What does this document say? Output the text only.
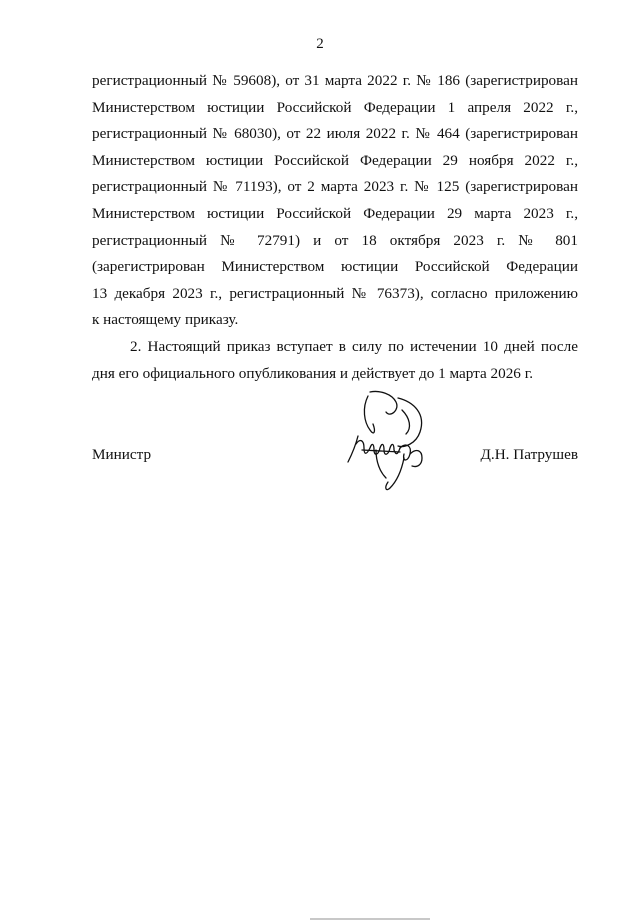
2

регистрационный № 59608), от 31 марта 2022 г. № 186 (зарегистрирован
Министерством юстиции Российской Федерации 1 апреля 2022 г.,
регистрационный № 68030), от 22 июля 2022 г. № 464 (зарегистрирован
Министерством юстиции Российской Федерации 29 ноября 2022 г.,
регистрационный № 71193), от 2 марта 2023 г. № 125 (зарегистрирован
Министерством юстиции Российской Федерации 29 марта 2023 г.,
регистрационный № 72791) и от 18 октября 2023 г. № 801
(зарегистрирован Министерством юстиции Российской Федерации
13 декабря 2023 г., регистрационный № 76373), согласно приложению
к настоящему приказу.

2. Настоящий приказ вступает в силу по истечении 10 дней после
дня его официального опубликования и действует до 1 марта 2026 г.

Министр	Д.Н. Патрушев
